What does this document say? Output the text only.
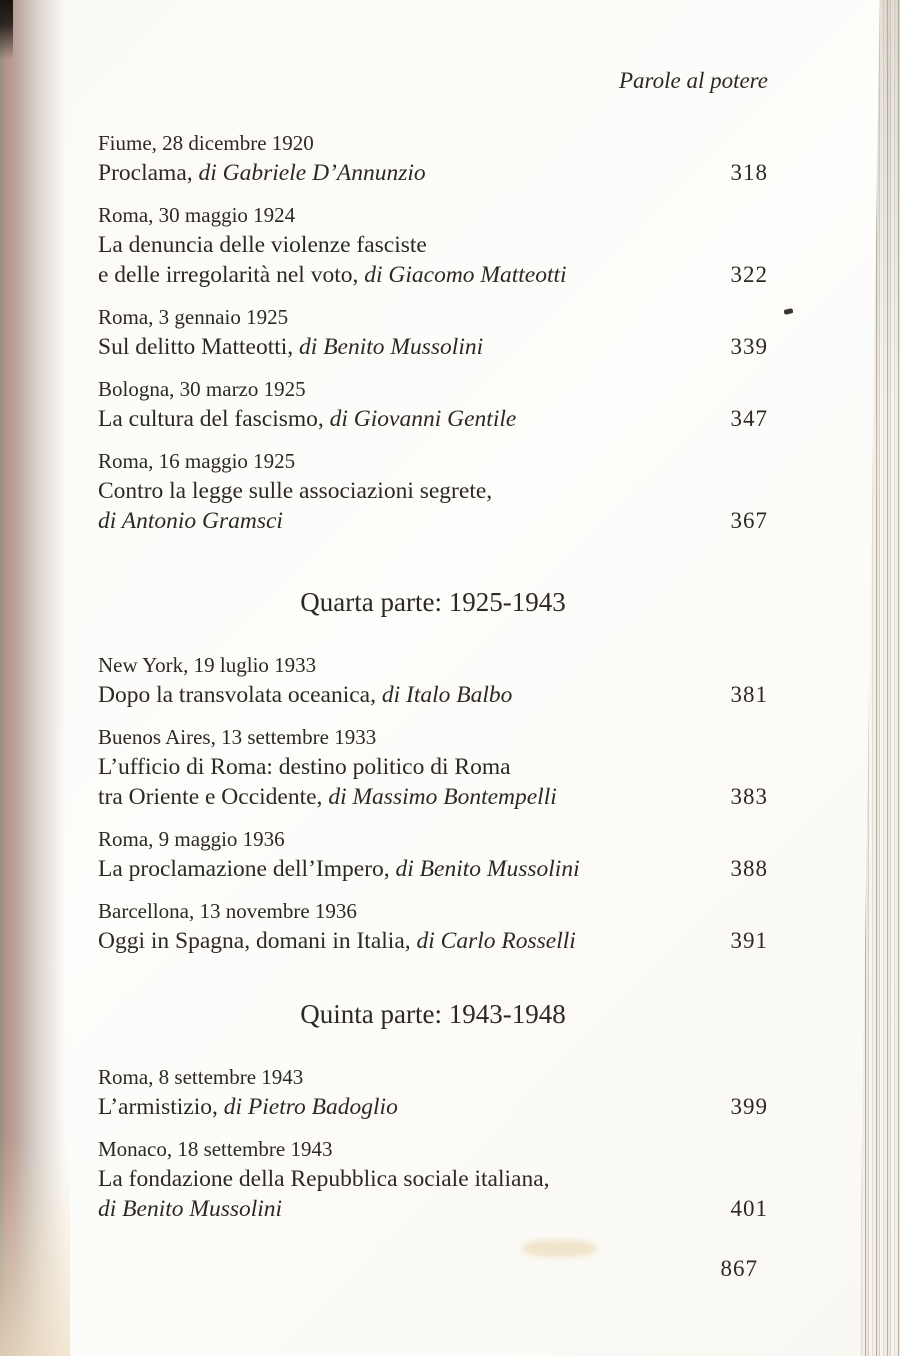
Parole al potere
Fiume, 28 dicembre 1920
Proclama, di Gabriele D’Annunzio	318
Roma, 30 maggio 1924
La denuncia delle violenze fasciste
e delle irregolarità nel voto, di Giacomo Matteotti	322
Roma, 3 gennaio 1925
Sul delitto Matteotti, di Benito Mussolini	339
Bologna, 30 marzo 1925
La cultura del fascismo, di Giovanni Gentile	347
Roma, 16 maggio 1925
Contro la legge sulle associazioni segrete,
di Antonio Gramsci	367
Quarta parte: 1925-1943
New York, 19 luglio 1933
Dopo la transvolata oceanica, di Italo Balbo	381
Buenos Aires, 13 settembre 1933
L’ufficio di Roma: destino politico di Roma
tra Oriente e Occidente, di Massimo Bontempelli	383
Roma, 9 maggio 1936
La proclamazione dell’Impero, di Benito Mussolini	388
Barcellona, 13 novembre 1936
Oggi in Spagna, domani in Italia, di Carlo Rosselli	391
Quinta parte: 1943-1948
Roma, 8 settembre 1943
L’armistizio, di Pietro Badoglio	399
Monaco, 18 settembre 1943
La fondazione della Repubblica sociale italiana,
di Benito Mussolini	401
867
